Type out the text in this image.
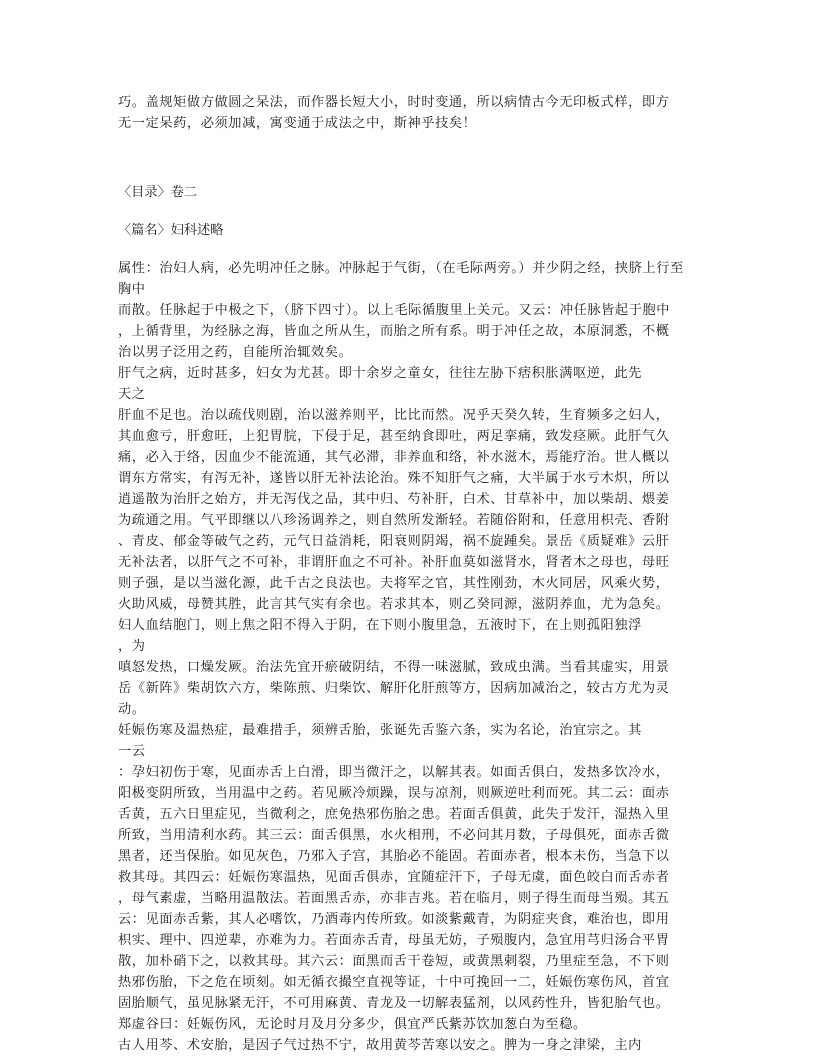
巧。盖规矩做方做圆之呆法，而作器长短大小，时时变通，所以病情古今无印板式样，即方

无一定呆药，必须加减，寓变通于成法之中，斯神乎技矣！

〈目录〉卷二

〈篇名〉妇科述略

属性：治妇人病，必先明冲任之脉。冲脉起于气街，（在毛际两旁。）并少阴之经，挟脐上行至

胸中

而散。任脉起于中极之下，（脐下四寸）。以上毛际循腹里上关元。又云：冲任脉皆起于胞中

，上循背里，为经脉之海，皆血之所从生，而胎之所有系。明于冲任之故，本原洞悉，不概

治以男子泛用之药，自能所治辄效矣。

肝气之病，近时甚多，妇女为尤甚。即十余岁之童女，往往左胁下痞积胀满呕逆，此先

天之

肝血不足也。治以疏伐则剧，治以滋养则平，比比而然。况乎天癸久转，生育频多之妇人，

其血愈亏，肝愈旺，上犯胃脘，下侵于足，甚至纳食即吐，两足挛痛，致发痉厥。此肝气久

痛，必入于络，因血少不能流通，其气必滞，非养血和络，补水滋木，焉能疗治。世人概以

谓东方常实，有泻无补，遂皆以肝无补法论治。殊不知肝气之痛，大半属于水亏木炽，所以

逍遥散为治肝之始方，并无泻伐之品，其中归、芍补肝，白术、甘草补中，加以柴胡、煨姜

为疏通之用。气平即继以八珍汤调养之，则自然所发渐轻。若随俗附和，任意用枳壳、香附

、青皮、郁金等破气之药，元气日益消耗，阳衰则阴竭，祸不旋踵矣。景岳《质疑难》云肝

无补法者，以肝气之不可补，非谓肝血之不可补。补肝血莫如滋肾水，肾者木之母也，母旺

则子强，是以当滋化源，此千古之良法也。夫将军之官，其性刚劲，木火同居，风乘火势，

火助风威，母赞其胜，此言其气实有余也。若求其本，则乙癸同源，滋阴养血，尤为急矣。

妇人血结胞门，则上焦之阳不得入于阴，在下则小腹里急，五液时下，在上则孤阳独浮

，为

嗔怒发热，口燥发厥。治法先宜开瘀破阴结，不得一味滋腻，致成虫满。当看其虚实，用景

岳《新阵》柴胡饮六方，柴陈煎、归柴饮、解肝化肝煎等方，因病加减治之，较古方尤为灵

动。

妊娠伤寒及温热症，最难措手，须辨舌胎，张诞先舌鉴六条，实为名论，治宜宗之。其

一云

：孕妇初伤于寒，见面赤舌上白滑，即当微汗之，以解其表。如面舌俱白，发热多饮冷水，

阳极变阴所致，当用温中之药。若见厥冷烦躁，误与凉剂，则厥逆吐利而死。其二云：面赤

舌黄，五六日里症见，当微利之，庶免热邪伤胎之患。若面舌俱黄，此失于发汗，湿热入里

所致，当用清利水药。其三云：面舌俱黑，水火相刑，不必问其月数，子母俱死，面赤舌微

黑者，还当保胎。如见灰色，乃邪入子宫，其胎必不能固。若面赤者，根本未伤，当急下以

救其母。其四云：妊娠伤寒温热，见面舌俱赤，宜随症汗下，子母无虞，面色皎白而舌赤者

，母气素虚，当略用温散法。若面黑舌赤，亦非吉兆。若在临月，则子得生而母当殒。其五

云：见面赤舌紫，其人必嗜饮，乃酒毒内传所致。如淡紫戴青，为阴症夹食，难治也，即用

枳实、理中、四逆辈，亦难为力。若面赤舌青，母虽无妨，子殒腹内，急宜用芎归汤合平胃

散，加朴硝下之，以救其母。其六云：面黑而舌干卷短，或黄黑剌裂，乃里症至急，不下则

热邪伤胎，下之危在顷刻。如无循衣撮空直视等证，十中可挽回一二，妊娠伤寒伤风，首宜

固胎顺气，虽见脉紧无汗，不可用麻黄、青龙及一切解表猛剂，以风药性升，皆犯胎气也。

郑虚谷曰：妊娠伤风，无论时月及月分多少，俱宜严氏紫苏饮加葱白为至稳。

古人用芩、术安胎，是因子气过热不宁，故用黄芩苦寒以安之。脾为一身之津梁，主内
